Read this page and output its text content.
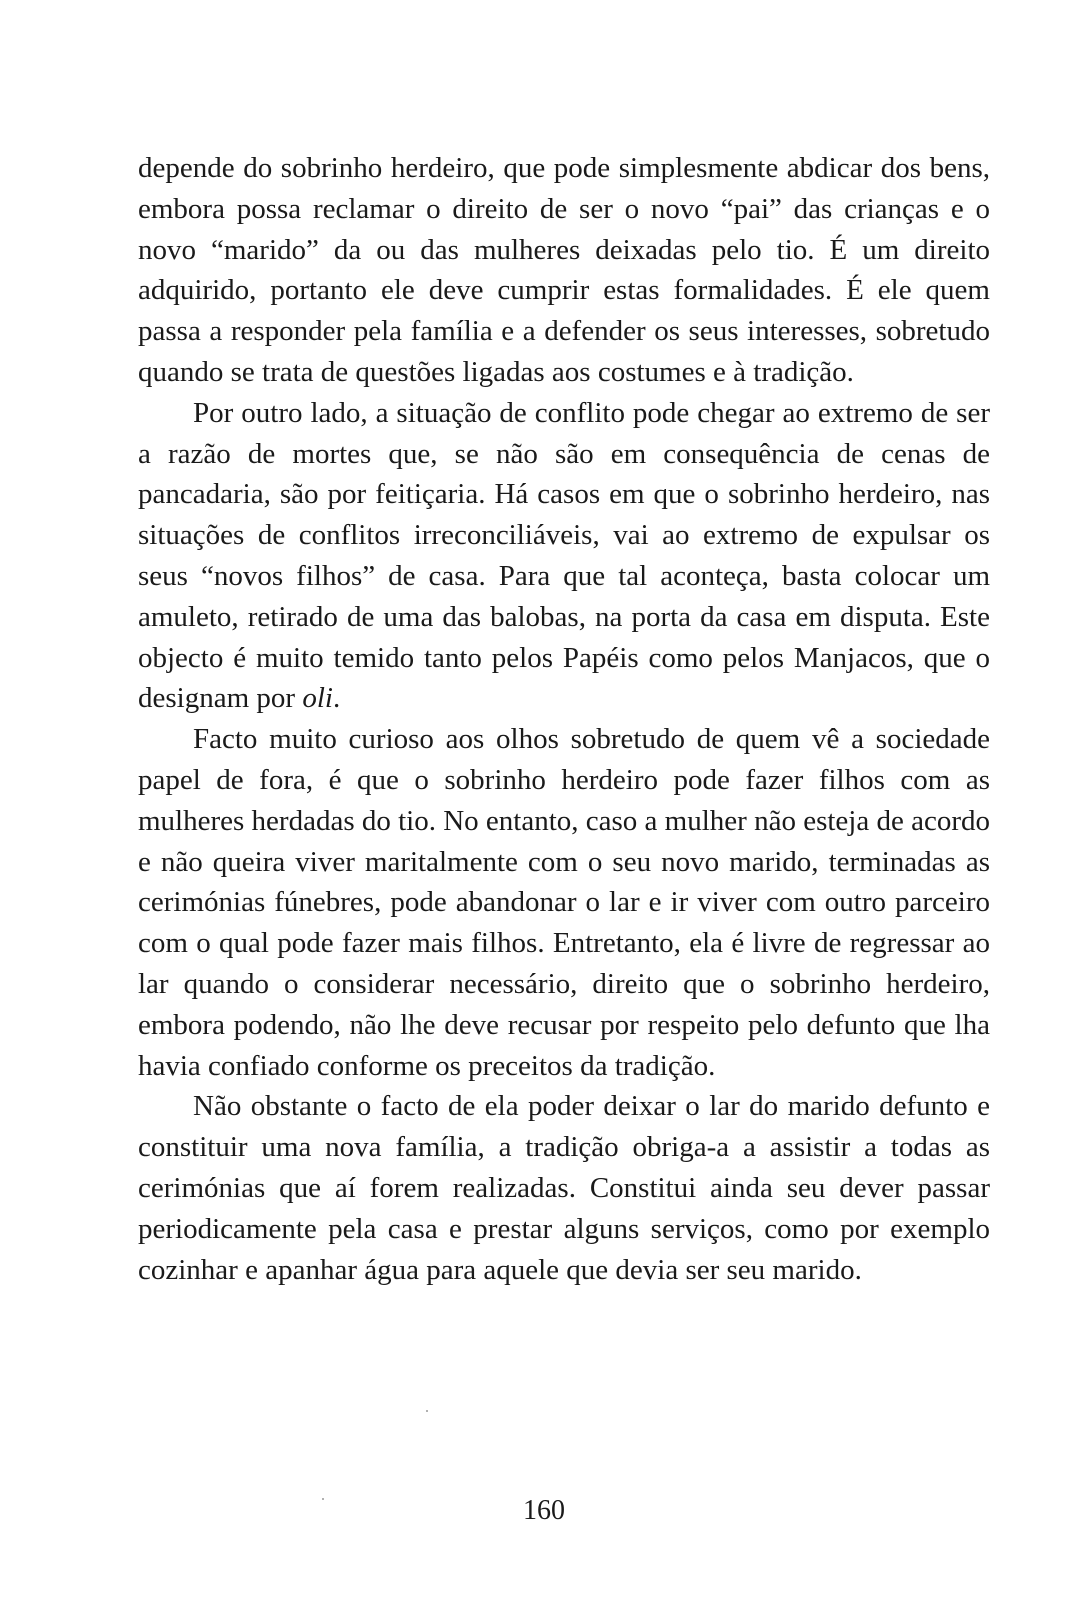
depende do sobrinho herdeiro, que pode simplesmente abdicar dos bens, embora possa reclamar o direito de ser o novo “pai” das crianças e o novo “marido” da ou das mulheres deixadas pelo tio. É um direito adquirido, portanto ele deve cumprir estas formalidades. É ele quem passa a responder pela família e a defender os seus interesses, sobretudo quando se trata de questões ligadas aos costumes e à tradição.

Por outro lado, a situação de conflito pode chegar ao extremo de ser a razão de mortes que, se não são em consequência de cenas de pancadaria, são por feitiçaria. Há casos em que o sobrinho herdeiro, nas situações de conflitos irreconciliáveis, vai ao extremo de expulsar os seus “novos filhos” de casa. Para que tal aconteça, basta colocar um amuleto, retirado de uma das balobas, na porta da casa em disputa. Este objecto é muito temido tanto pelos Papéis como pelos Manjacos, que o designam por oli.

Facto muito curioso aos olhos sobretudo de quem vê a sociedade papel de fora, é que o sobrinho herdeiro pode fazer filhos com as mulheres herdadas do tio. No entanto, caso a mulher não esteja de acordo e não queira viver maritalmente com o seu novo marido, terminadas as cerimónias fúnebres, pode abandonar o lar e ir viver com outro parceiro com o qual pode fazer mais filhos. Entretanto, ela é livre de regressar ao lar quando o considerar necessário, direito que o sobrinho herdeiro, embora podendo, não lhe deve recusar por respeito pelo defunto que lha havia confiado conforme os preceitos da tradição.

Não obstante o facto de ela poder deixar o lar do marido defunto e constituir uma nova família, a tradição obriga-a a assistir a todas as cerimónias que aí forem realizadas. Constitui ainda seu dever passar periodicamente pela casa e prestar alguns serviços, como por exemplo cozinhar e apanhar água para aquele que devia ser seu marido.

160
